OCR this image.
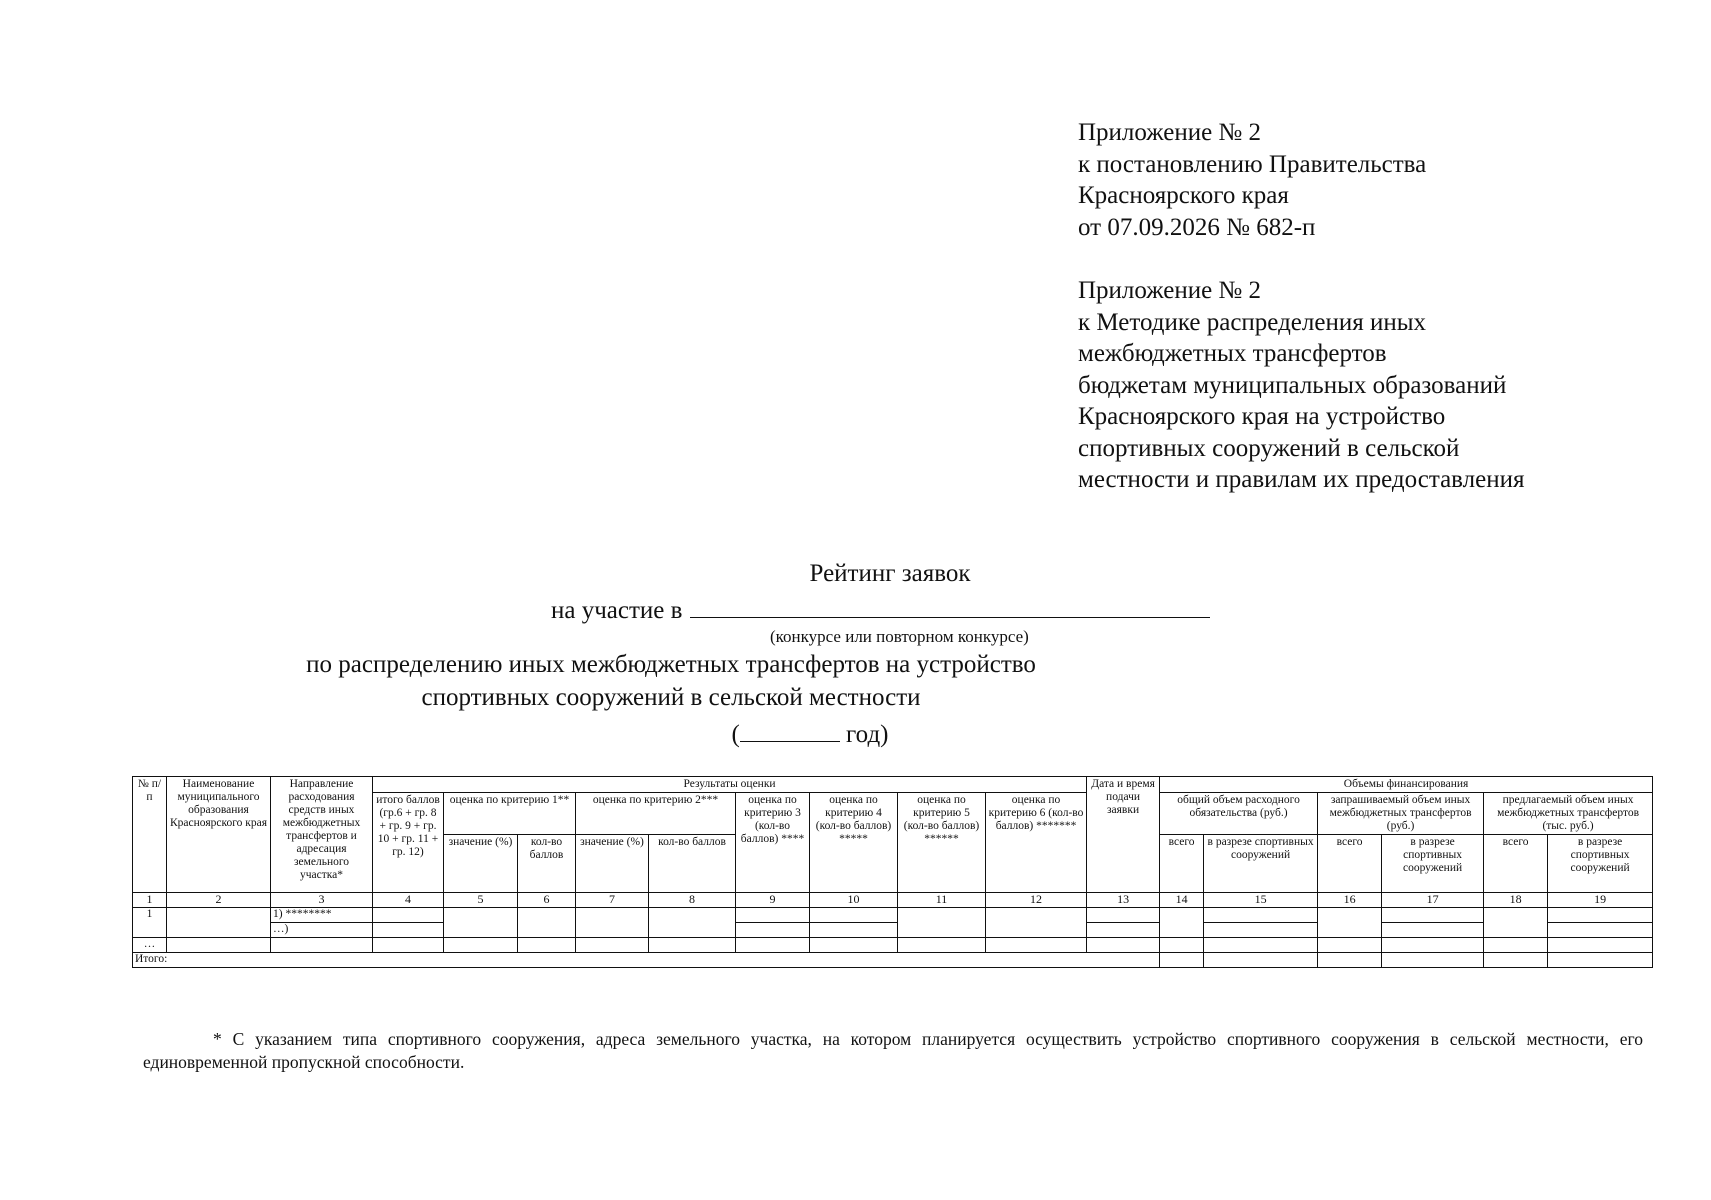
Приложение № 2
к постановлению Правительства
Красноярского края
от 07.09.2026 № 682-п
Приложение № 2
к Методике распределения иных
межбюджетных трансфертов
бюджетам муниципальных образований
Красноярского края на устройство
спортивных сооружений в сельской
местности и правилам их предоставления
Рейтинг заявок
на участие в
(конкурсе или повторном конкурсе)
по распределению иных межбюджетных трансфертов на устройство
спортивных сооружений в сельской местности
(	год)
№ п/п	Наименование муниципального образования Красноярского края	Направление расходования средств иных межбюджетных трансфертов и адресация земельного участка*	Результаты оценки									Дата и время подачи заявки	Объемы финансирования					
			итого баллов (гр.6 + гр. 8 + гр. 9 + гр. 10 + гр. 11 + гр. 12)	оценка по критерию 1**		оценка по критерию 2***		оценка по критерию 3 (кол-во баллов) ****	оценка по критерию 4 (кол-во баллов) *****	оценка по критерию 5 (кол-во баллов) ******	оценка по критерию 6 (кол-во баллов) *******		общий объем расходного обязательства (руб.)		запрашиваемый объем иных межбюджетных трансфертов (руб.)		предлагаемый объем иных межбюджетных трансфертов (тыс. руб.)	
				значение (%)	кол-во баллов	значение (%)	кол-во баллов						всего	в разрезе спортивных сооружений	всего	в разрезе спортивных сооружений	всего	в разрезе спортивных сооружений
1	2	3	4	5	6	7	8	9	10	11	12	13	14	15	16	17	18	19
1		1) ********																
		…)																
…																		
Итого:																		
* С указанием типа спортивного сооружения, адреса земельного участка, на котором планируется осуществить устройство спортивного сооружения в сельской местности, его единовременной пропускной способности.
